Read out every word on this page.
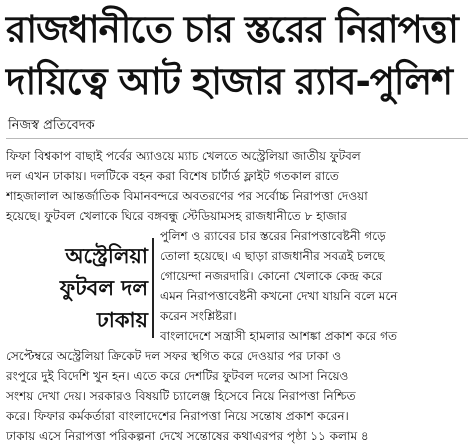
রাজধানীতে চার স্তরের নিরাপত্তা
দায়িত্বে আট হাজার র‍্যাব-পুলিশ
নিজস্ব প্রতিবেদক
ফিফা বিশ্বকাপ বাছাই পর্বের অ্যাওয়ে ম্যাচ খেলতে অস্ট্রেলিয়া জাতীয় ফুটবল
দল এখন ঢাকায়। দলটিকে বহন করা বিশেষ চার্টার্ড ফ্লাইট গতকাল রাতে
শাহজালাল আন্তর্জাতিক বিমানবন্দরে অবতরণের পর সর্বোচ্চ নিরাপত্তা দেওয়া
হয়েছে। ফুটবল খেলাকে ঘিরে বঙ্গবন্ধু স্টেডিয়ামসহ রাজধানীতে ৮ হাজার
পুলিশ ও র‍্যাবের চার স্তরের নিরাপত্তাবেষ্টনী গড়ে
তোলা হয়েছে। এ ছাড়া রাজধানীর সবত্রই চলছে
গোয়েন্দা নজরদারি। কোনো খেলাকে কেন্দ্র করে
এমন নিরাপত্তাবেষ্টনী কখনো দেখা যায়নি বলে মনে
করেন সংশ্লিষ্টরা।
বাংলাদেশে সন্ত্রাসী হামলার আশঙ্কা প্রকাশ করে গত
সেপ্টেম্বরে অস্ট্রেলিয়া ক্রিকেট দল সফর স্থগিত করে দেওয়ার পর ঢাকা ও
রংপুরে দুই বিদেশি খুন হন। এতে করে দেশটির ফুটবল দলের আসা নিয়েও
সংশয় দেখা দেয়। সরকারও বিষয়টি চ্যালেঞ্জ হিসেবে নিয়ে নিরাপত্তা নিশ্চিত
করে। ফিফার কর্মকর্তারা বাংলাদেশের নিরাপত্তা নিয়ে সন্তোষ প্রকাশ করেন।
ঢাকায় এসে নিরাপত্তা পরিকল্পনা দেখে সন্তোষের কথাএরপর পৃষ্ঠা ১১ কলাম ৪
অস্ট্রেলিয়া
ফুটবল দল
ঢাকায়
